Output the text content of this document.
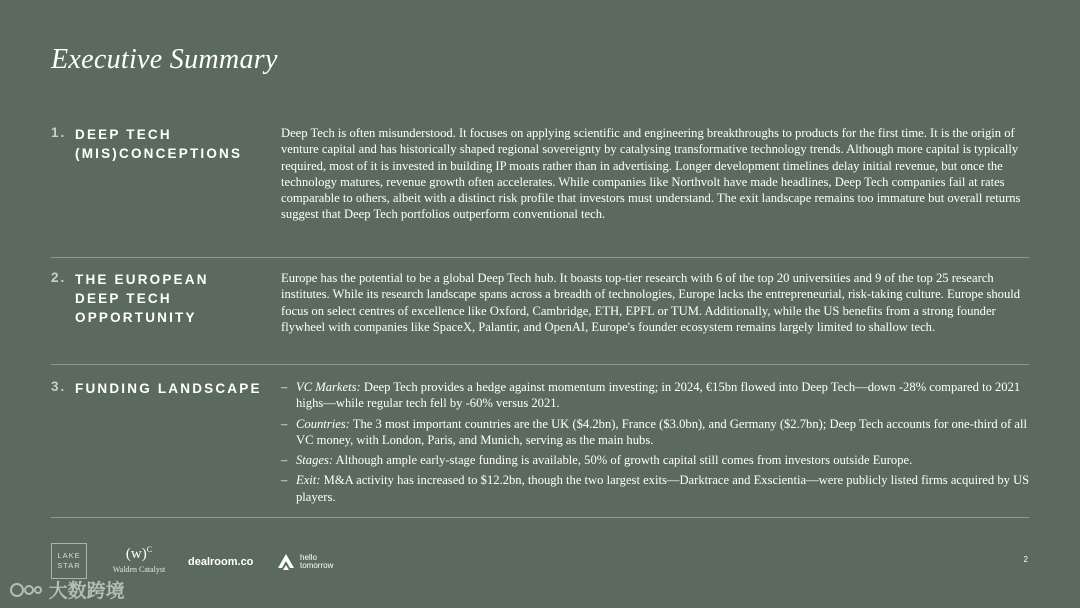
Executive Summary
1. DEEP TECH
(MIS)CONCEPTIONS
Deep Tech is often misunderstood. It focuses on applying scientific and engineering breakthroughs to products for the first time. It is the origin of venture capital and has historically shaped regional sovereignty by catalysing transformative technology trends. Although more capital is typically required, most of it is invested in building IP moats rather than in advertising. Longer development timelines delay initial revenue, but once the technology matures, revenue growth often accelerates. While companies like Northvolt have made headlines, Deep Tech companies fail at rates comparable to others, albeit with a distinct risk profile that investors must understand. The exit landscape remains too immature but overall returns suggest that Deep Tech portfolios outperform conventional tech.
2. THE EUROPEAN
DEEP TECH
OPPORTUNITY
Europe has the potential to be a global Deep Tech hub. It boasts top-tier research with 6 of the top 20 universities and 9 of the top 25 research institutes. While its research landscape spans across a breadth of technologies, Europe lacks the entrepreneurial, risk-taking culture. Europe should focus on select centres of excellence like Oxford, Cambridge, ETH, EPFL or TUM. Additionally, while the US benefits from a strong founder flywheel with companies like SpaceX, Palantir, and OpenAI, Europe's founder ecosystem remains largely limited to shallow tech.
3. FUNDING LANDSCAPE	– VC Markets: Deep Tech provides a hedge against momentum investing; in 2024, €15bn flowed into Deep Tech—down -28% compared to 2021 highs—while regular tech fell by -60% versus 2021.
– Countries: The 3 most important countries are the UK ($4.2bn), France ($3.0bn), and Germany ($2.7bn); Deep Tech accounts for one-third of all VC money, with London, Paris, and Munich, serving as the main hubs.
– Stages: Although ample early-stage funding is available, 50% of growth capital still comes from investors outside Europe.
– Exit: M&A activity has increased to $12.2bn, though the two largest exits—Darktrace and Exscientia—were publicly listed firms acquired by US players.
LAKE
STAR
$(w)^C$
Walden Catalyst
dealroom.co	hello
tomorrow
2
大数跨境
